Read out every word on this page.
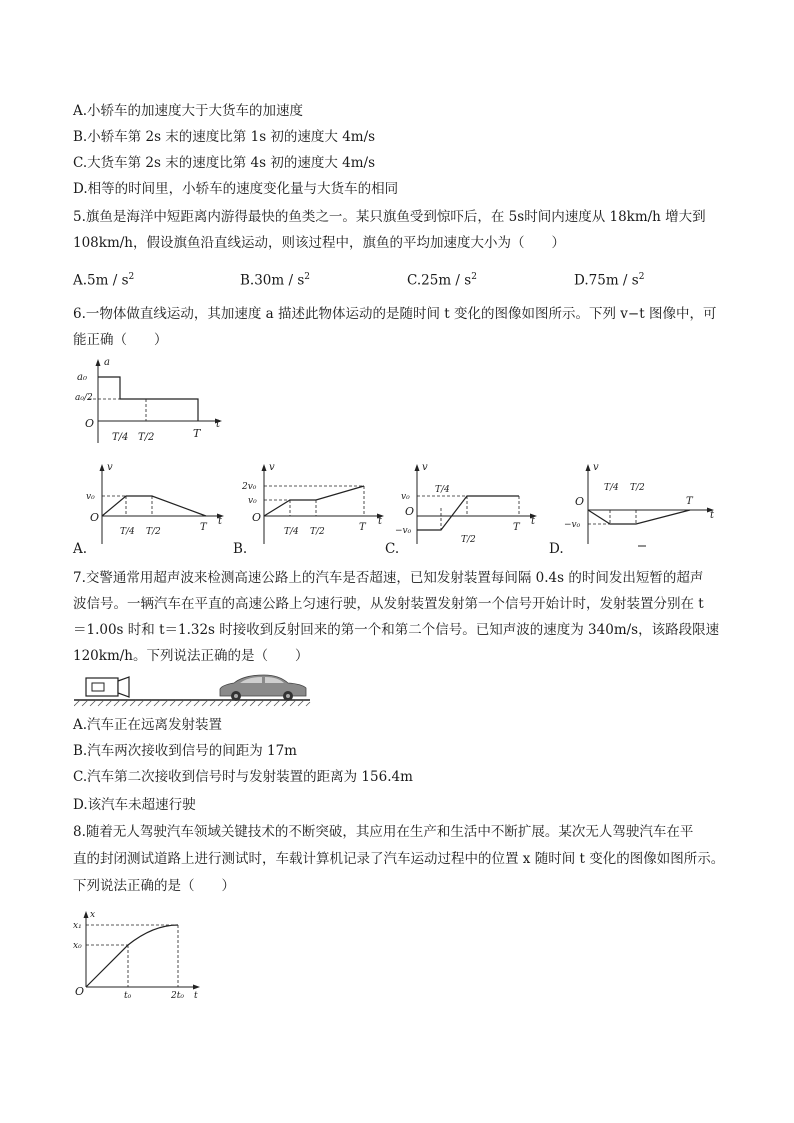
A.小轿车的加速度大于大货车的加速度
B.小轿车第 2s 末的速度比第 1s 初的速度大 4m/s
C.大货车第 2s 末的速度比第 4s 初的速度大 4m/s
D.相等的时间里，小轿车的速度变化量与大货车的相同
5.旗鱼是海洋中短距离内游得最快的鱼类之一。某只旗鱼受到惊吓后，在 5s时间内速度从 18km/h 增大到
108km/h，假设旗鱼沿直线运动，则该过程中，旗鱼的平均加速度大小为（　　）
$A.5m / s^2$	$B.30m / s^2$	$C.25m / s^2$	$D.75m / s^2$
6.一物体做直线运动，其加速度 a 描述此物体运动的是随时间 t 变化的图像如图所示。下列 v−t 图像中，可
能正确（　　）
a
a₀
a₀/2
O
T/4 T/2	T
t
v
v₀
O
T/4 T/2	T
t
A.
v
2v₀
v₀
O
T/4 T/2	T
t
B.
v
v₀
O
−v₀
T/4
T/2
T
t
C.
v
O
−v₀
T/4 T/2
T
t
D.
7.交警通常用超声波来检测高速公路上的汽车是否超速，已知发射装置每间隔 0.4s 的时间发出短暂的超声
波信号。一辆汽车在平直的高速公路上匀速行驶，从发射装置发射第一个信号开始计时，发射装置分别在 t
＝1.00s 时和 t＝1.32s 时接收到反射回来的第一个和第二个信号。已知声波的速度为 340m/s，该路段限速
120km/h。下列说法正确的是（　　）
A.汽车正在远离发射装置
B.汽车两次接收到信号的间距为 17m
C.汽车第二次接收到信号时与发射装置的距离为 156.4m
D.该汽车未超速行驶
8.随着无人驾驶汽车领域关键技术的不断突破，其应用在生产和生活中不断扩展。某次无人驾驶汽车在平
直的封闭测试道路上进行测试时，车载计算机记录了汽车运动过程中的位置 x 随时间 t 变化的图像如图所示。
下列说法正确的是（　　）
x
x₁
x₀
O	t₀	2t₀ t
